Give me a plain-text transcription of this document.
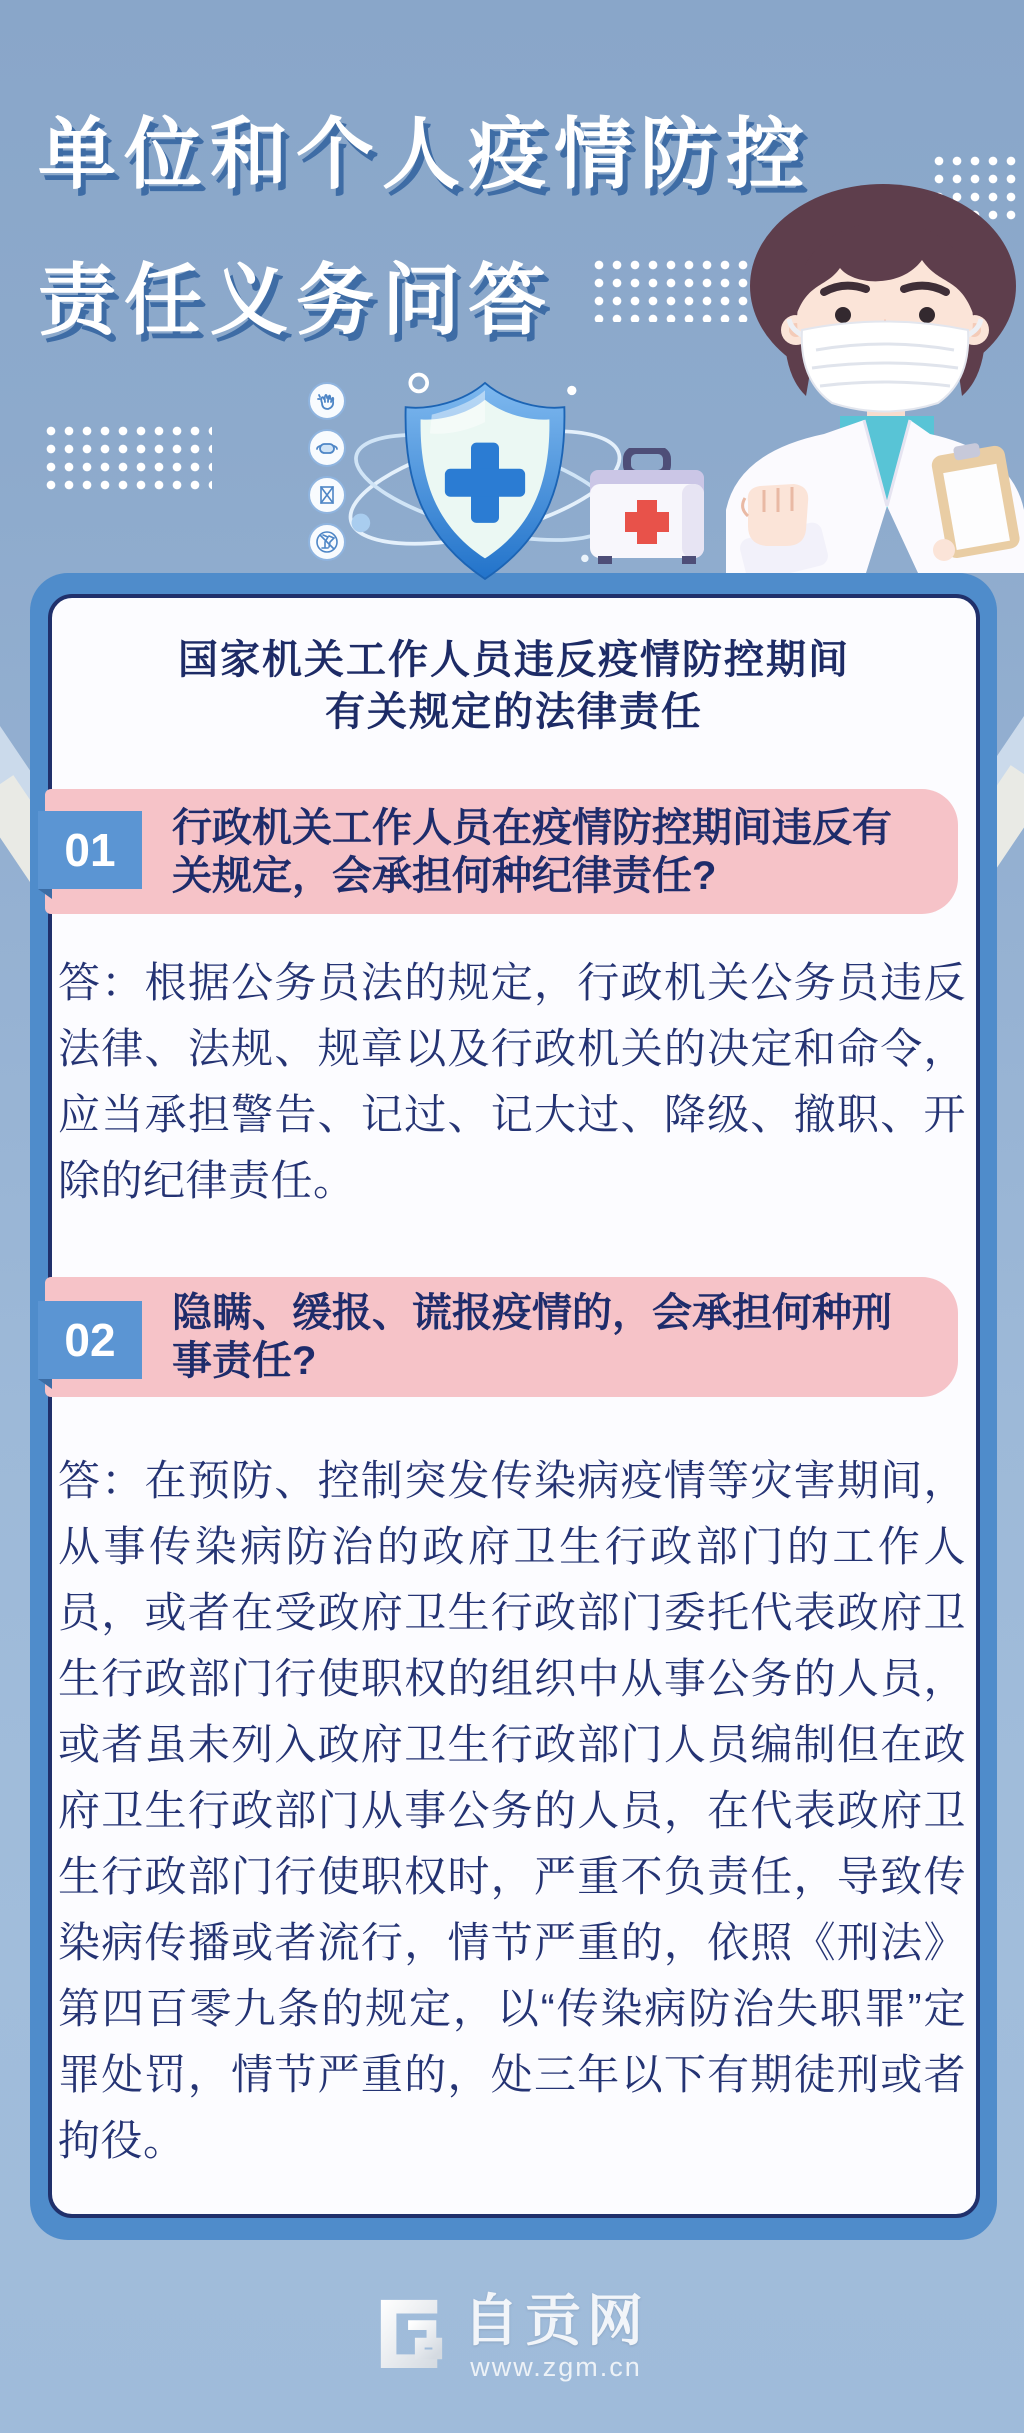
单位和个人疫情防控
责任义务问答
国家机关工作人员违反疫情防控期间
有关规定的法律责任
行政机关工作人员在疫情防控期间违反有关规定，会承担何种纪律责任?
01
答：根据公务员法的规定，行政机关公务员违反法律、法规、规章以及行政机关的决定和命令，应当承担警告、记过、记大过、降级、撤职、开除的纪律责任。
隐瞒、缓报、谎报疫情的，会承担何种刑事责任?
02
答：在预防、控制突发传染病疫情等灾害期间，从事传染病防治的政府卫生行政部门的工作人员，或者在受政府卫生行政部门委托代表政府卫生行政部门行使职权的组织中从事公务的人员，或者虽未列入政府卫生行政部门人员编制但在政府卫生行政部门从事公务的人员，在代表政府卫生行政部门行使职权时，严重不负责任，导致传染病传播或者流行，情节严重的，依照《刑法》第四百零九条的规定，以“传染病防治失职罪”定罪处罚，情节严重的，处三年以下有期徒刑或者拘役。
自贡网
www.zgm.cn
